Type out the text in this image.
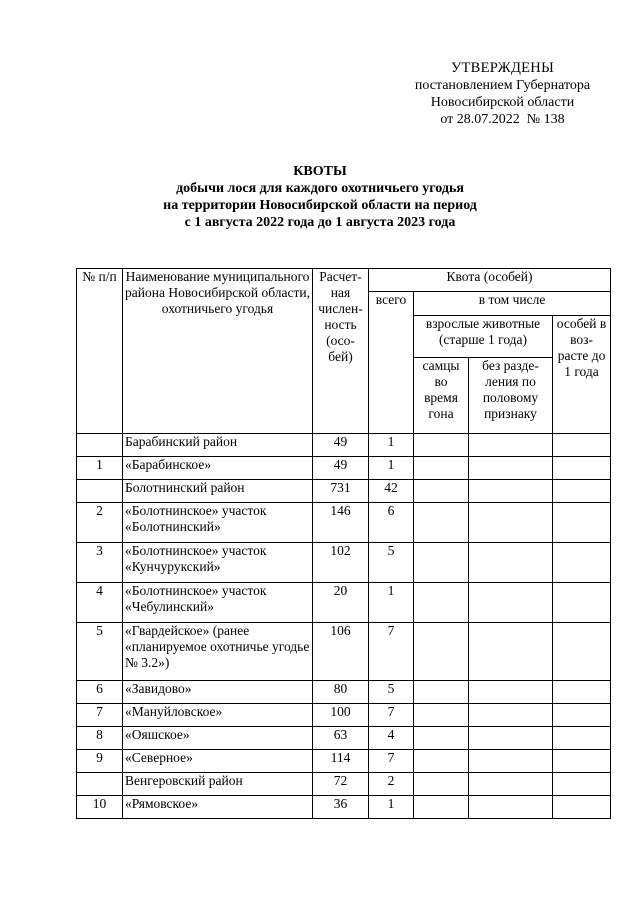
УТВЕРЖДЕНЫ
постановлением Губернатора
Новосибирской области
от 28.07.2022  № 138
КВОТЫ
добычи лося для каждого охотничьего угодья
на территории Новосибирской области на период
с 1 августа 2022 года до 1 августа 2023 года
№ п/п	Наименование муниципального района Новосибирской области, охотничьего угодья	Расчет-ная числен-ность (осо-бей)	Квота (особей)			
			всего	в том числе		
				взрослые животные (старше 1 года)		особей в воз-расте до 1 года
				самцы во время гона	без разде-ления по половому признаку	
	Барабинский район	49	1			
1	«Барабинское»	49	1			
	Болотнинский район	731	42			
2	«Болотнинское» участок «Болотнинский»	146	6			
3	«Болотнинское» участок «Кунчурукский»	102	5			
4	«Болотнинское» участок «Чебулинский»	20	1			
5	«Гвардейское» (ранее «планируемое охотничье угодье № 3.2»)	106	7			
6	«Завидово»	80	5			
7	«Мануйловское»	100	7			
8	«Ояшское»	63	4			
9	«Северное»	114	7			
	Венгеровский район	72	2			
10	«Рямовское»	36	1			
